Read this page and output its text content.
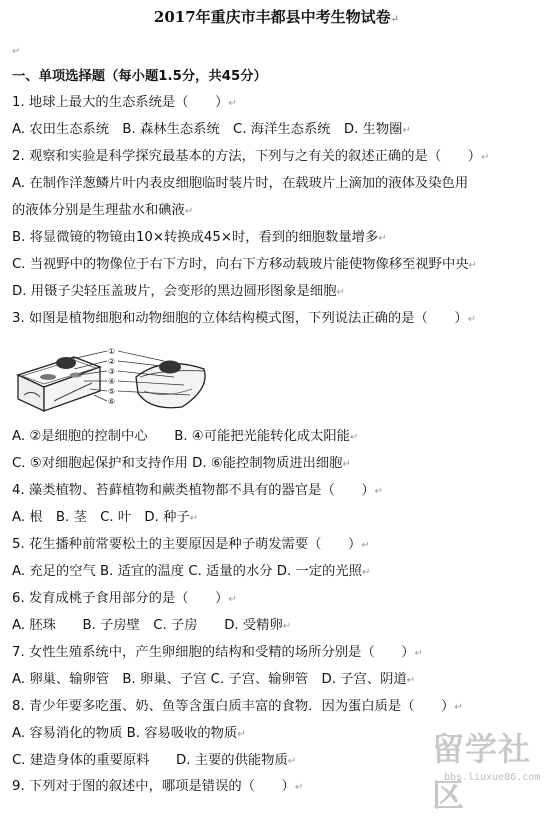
2017年重庆市丰都县中考生物试卷↵
↵
一、单项选择题（每小题1.5分，共45分）
1. 地球上最大的生态系统是（　　）↵
A. 农田生态系统　B. 森林生态系统　C. 海洋生态系统　D. 生物圈↵
2. 观察和实验是科学探究最基本的方法，下列与之有关的叙述正确的是（　　）↵
A. 在制作洋葱鳞片叶内表皮细胞临时装片时，在载玻片上滴加的液体及染色用
的液体分别是生理盐水和碘液↵
B. 将显微镜的物镜由10×转换成45×时，看到的细胞数量增多↵
C. 当视野中的物像位于右下方时，向右下方移动载玻片能使物像移至视野中央↵
D. 用镊子尖轻压盖玻片，会变形的黑边圆形图象是细胞↵
3. 如图是植物细胞和动物细胞的立体结构模式图，下列说法正确的是（　　）↵
①
②
③
④
⑤
⑥
A. ②是细胞的控制中心　　B. ④可能把光能转化成太阳能↵
C. ⑤对细胞起保护和支持作用 D. ⑥能控制物质进出细胞↵
4. 藻类植物、苔藓植物和蕨类植物都不具有的器官是（　　）↵
A. 根　B. 茎　C. 叶　D. 种子↵
5. 花生播种前常要松土的主要原因是种子萌发需要（　　）↵
A. 充足的空气 B. 适宜的温度 C. 适量的水分 D. 一定的光照↵
6. 发育成桃子食用部分的是（　　）↵
A. 胚珠　　B. 子房壁　C. 子房　　D. 受精卵↵
7. 女性生殖系统中，产生卵细胞的结构和受精的场所分别是（　　）↵
A. 卵巢、输卵管　B. 卵巢、子宫 C. 子宫、输卵管　D. 子宫、阴道↵
8. 青少年要多吃蛋、奶、鱼等含蛋白质丰富的食物．因为蛋白质是（　　）↵
A. 容易消化的物质 B. 容易吸收的物质↵
C. 建造身体的重要原料　　D. 主要的供能物质↵
9. 下列对于图的叙述中，哪项是错误的（　　）↵
留学社区
bbs.liuxue86.com
